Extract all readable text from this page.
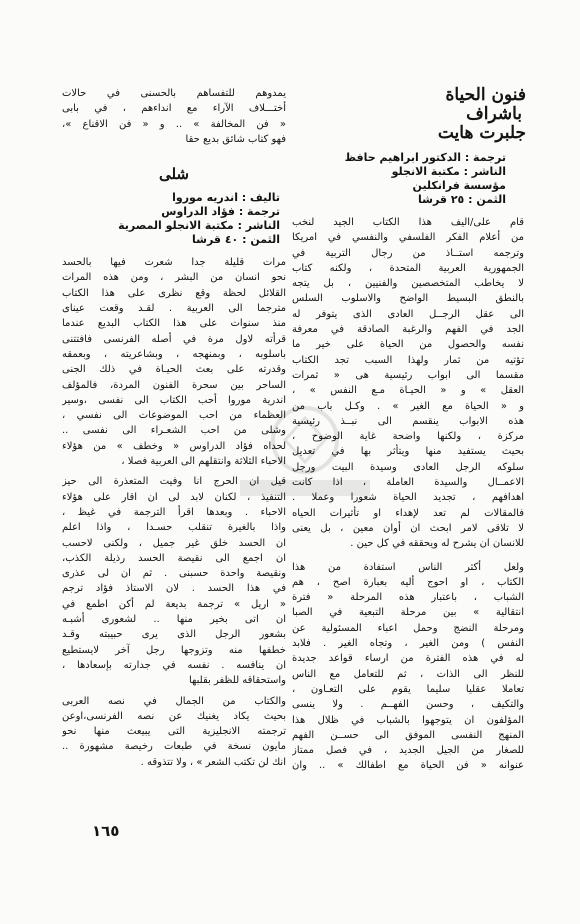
فنون الحياة
باشراف
جلبرت هايت
ترجمة : الدكتور ابراهيم حافظ
الناشر : مكتبة الانجلو
مؤسسة فرانكلين
الثمن : ٢٥ قرشا
قام على/اليف هذا الكتاب الجيد لنخب
من أعلام الفكر الفلسفي والنفسي في امريكا
وترجمه استــاذ من رجال التربية في
الجمهورية العربية المتحدة ، ولكنه كتاب
لا يخاطب المتخصصين والفنيين ، بل يتجه
بالنطق البسيط الواضح والاسلوب السلس
الى عقل الرجــل العادى الذى يتوفر له
الجد في الفهم والرغبة الصادقة في معرفة
نفسه والحصول من الحياة على خير ما
تؤتيه من ثمار ولهذا السبب تجد الكتاب
مقسما الى ابواب رئيسية هى « ثمرات
العقل » و « الحيـاة مـع النفس » ،
و « الحياة مع الغير » . وكـل باب من
هذه الابواب ينقسم الى نبــذ رئيسية
مركزة ، ولكنها واضحة غاية الوضوح ،
بحيث يستفيد منها ويتأثر بها في تعديل
سلوكه الرجل العادى وسيدة البيت ورجل
الاعمــال والسيدة العاملة ، اذا كانت
اهدافهم ، تجديد الحياة شعورا وعملا .
فالمقالات لم تعد لإهداء او تأثيرات الحياه
لا تلاقى لامر ابحث ان أوان معين ، بل يعنى
للانسان ان يشرح له ويحققه في كل حين .
ولعل أكثر الناس استفادة من هذا
الكتاب ، او احوج أليه بعبارة اصح ، هم
الشباب ، باعتبار هذه المرحلة « فترة
انتقالية » بين مرحلة التبعية في الصبا
ومرحلة النضج وحمل اعباء المسئولية عن
النفس ) ومن الغير ، وتجاه الغير . فلابد
له في هذه الفترة من ارساء قواعد جديدة
للنظر الى الذات ، ثم للتعامل مع الناس
تعاملا عقليا سليما يقوم على التعـاون ،
والتكيف ، وحسن الفهــم . ولا ينسى
المؤلفون ان يتوجهوا بالشباب في ظلال هذا
المنهج النفسى الموفق الى حســن الفهم
للصغار من الجيل الجديد ، في فصل ممتاز
عنوانه « فن الحياة مع اطفالك » .. وان
يمدوهم للتفساهم بالحسنى في حالات
أختـــلاف الآراء مع انداءهم ، في بابى
« فن المخالفة » .. و « فن الاقناع »،
فهو كتاب شائق بديع حقا
شلى
تاليف : اندريه موروا
ترجمة : فؤاد الدراوس
الناشر : مكتبة الانجلو المصرية
الثمن : ٤٠ قرشا
مرات قليلة جدا شعرت فيها بالحسد
نحو انسان من البشر ، ومن هذه المرات
القلائل لحظة وقع نظرى على هذا الكتاب
مترجما الى العربية . لقـد وقعت عيناى
منذ سنوات على هذا الكتاب البديع عندما
قرأته لاول مرة في أصله الفرنسى فافتتنى
باسلوبه ، وبمنهجه ، وبشاعريته ، وبعمقه
وقدرته على بعث الحيـاة في ذلك الجنى
الساحر بين سحرة الفنون المردة، فالمؤلف
اندرية موروا أحب الكتاب الى نفسى ،وسير
العظماء من احب الموضوعات الى نفسي ،
وشلى من احب الشعـراء الى نفسى ..
لحداه فؤاد الدراوس « وخطف » من هؤلاء
الاحباء الثلاثة وانتقلهم الى العربية فصلا ،
قيل ان الحرج انا وفيت المتعذرة الى حيز
التنفيذ ، لكنان لابد لى ان اقار على هؤلاء
الاحباء . وبعدها اقرأ الترجمة في غيظ ،
واذا بالغيرة تنقلب حسـدا ، واذا اعلم
ان الحسد خلق غير جميل ، ولكنى لاحسب
ان اجمع الى نقيصة الحسد رذيلة الكذب،
ونقيصة واحدة حسبنى . ثم ان لى عذرى
في هذا الحسد . لان الاستاذ فؤاد ترجم
« اريل » ترجمة بديعة لم أكن اطمع في
ان اتى بخير منها .. لشعورى أشبـه
بشعور الرجل الذى يرى حبيبته وقـد
خطفها منه وتزوجها رجل آخر لايستطيع
ان ينافسه . نفسه في جدارته بإسعادها ،
واستحقاقه للظفر بقلبها
والكتاب من الجمال في نصه العربى
بحيث يكاد يغنيك عن نصه الفرنسى،اوعن
ترجمته الانجليزية التى يبيعث منها نحو
مايون نسخة في طبعات رخيصة مشهورة ..
انك لن تكتب الشعر » ، ولا تتذوقه .
١٦٥
